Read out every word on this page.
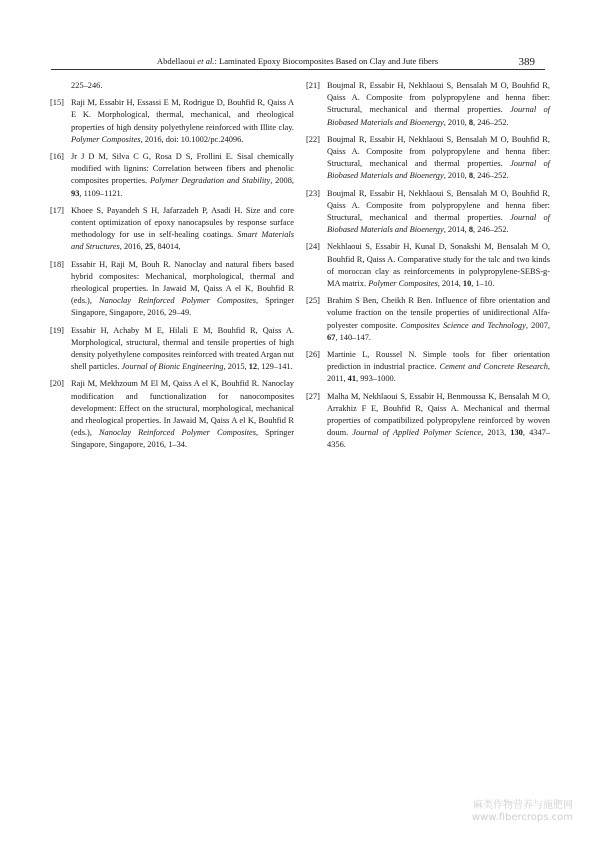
Abdellaoui et al.: Laminated Epoxy Biocomposites Based on Clay and Jute fibers	389
225–246.
[15] Raji M, Essabir H, Essassi E M, Rodrigue D, Bouhfid R, Qaiss A E K. Morphological, thermal, mechanical, and rheological properties of high density polyethylene reinforced with Illite clay. Polymer Composites, 2016, doi: 10.1002/pc.24096.
[16] Jr J D M, Silva C G, Rosa D S, Frollini E. Sisal chemically modified with lignins: Correlation between fibers and phenolic composites properties. Polymer Degradation and Stability, 2008, 93, 1109–1121.
[17] Khoee S, Payandeh S H, Jafarzadeh P, Asadi H. Size and core content optimization of epoxy nanocapsules by response surface methodology for use in self-healing coatings. Smart Materials and Structures, 2016, 25, 84014,
[18] Essabir H, Raji M, Bouh R. Nanoclay and natural fibers based hybrid composites: Mechanical, morphological, thermal and rheological properties. In Jawaid M, Qaiss A el K, Bouhfid R (eds.), Nanoclay Reinforced Polymer Composites, Springer Singapore, Singapore, 2016, 29–49.
[19] Essabir H, Achaby M E, Hilali E M, Bouhfid R, Qaiss A. Morphological, structural, thermal and tensile properties of high density polyethylene composites reinforced with treated Argan nut shell particles. Journal of Bionic Engineering, 2015, 12, 129–141.
[20] Raji M, Mekhzoum M El M, Qaiss A el K, Bouhfid R. Nanoclay modification and functionalization for nanocomposites development: Effect on the structural, morphological, mechanical and rheological properties. In Jawaid M, Qaiss A el K, Bouhfid R (eds.), Nanoclay Reinforced Polymer Composites, Springer Singapore, Singapore, 2016, 1–34.
[21] Boujmal R, Essabir H, Nekhlaoui S, Bensalah M O, Bouhfid R, Qaiss A. Composite from polypropylene and henna fiber: Structural, mechanical and thermal properties. Journal of Biobased Materials and Bioenergy, 2010, 8, 246–252.
[22] Boujmal R, Essabir H, Nekhlaoui S, Bensalah M O, Bouhfid R, Qaiss A. Composite from polypropylene and henna fiber: Structural, mechanical and thermal properties. Journal of Biobased Materials and Bioenergy, 2010, 8, 246–252.
[23] Boujmal R, Essabir H, Nekhlaoui S, Bensalah M O, Bouhfid R, Qaiss A. Composite from polypropylene and henna fiber: Structural, mechanical and thermal properties. Journal of Biobased Materials and Bioenergy, 2014, 8, 246–252.
[24] Nekhlaoui S, Essabir H, Kunal D, Sonakshi M, Bensalah M O, Bouhfid R, Qaiss A. Comparative study for the talc and two kinds of moroccan clay as reinforcements in polypropylene-SEBS-g-MA matrix. Polymer Composites, 2014, 10, 1–10.
[25] Brahim S Ben, Cheikh R Ben. Influence of fibre orientation and volume fraction on the tensile properties of unidirectional Alfa-polyester composite. Composites Science and Technology, 2007, 67, 140–147.
[26] Martinie L, Roussel N. Simple tools for fiber orientation prediction in industrial practice. Cement and Concrete Research, 2011, 41, 993–1000.
[27] Malha M, Nekhlaoui S, Essabir H, Benmoussa K, Bensalah M O, Arrakhiz F E, Bouhfid R, Qaiss A. Mechanical and thermal properties of compatibilized polypropylene reinforced by woven doum. Journal of Applied Polymer Science, 2013, 130, 4347–4356.
麻类作物营养与施肥网
www.fibercrops.com
